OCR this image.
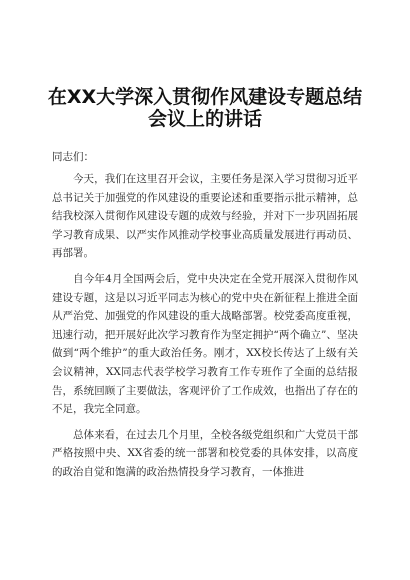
在XX大学深入贯彻作风建设专题总结
会议上的讲话

同志们：

今天，我们在这里召开会议，主要任务是深入学习贯彻习近平总书记关于加强党的作风建设的重要论述和重要指示批示精神，总结我校深入贯彻作风建设专题的成效与经验，并对下一步巩固拓展学习教育成果、以严实作风推动学校事业高质量发展进行再动员、再部署。

自今年4月全国两会后，党中央决定在全党开展深入贯彻作风建设专题，这是以习近平同志为核心的党中央在新征程上推进全面从严治党、加强党的作风建设的重大战略部署。校党委高度重视，迅速行动，把开展好此次学习教育作为坚定拥护“两个确立”、坚决做到“两个维护”的重大政治任务。刚才，XX校长传达了上级有关会议精神，XX同志代表学校学习教育工作专班作了全面的总结报告，系统回顾了主要做法，客观评价了工作成效，也指出了存在的不足，我完全同意。

总体来看，在过去几个月里，全校各级党组织和广大党员干部严格按照中央、XX省委的统一部署和校党委的具体安排，以高度的政治自觉和饱满的政治热情投身学习教育，一体推进
